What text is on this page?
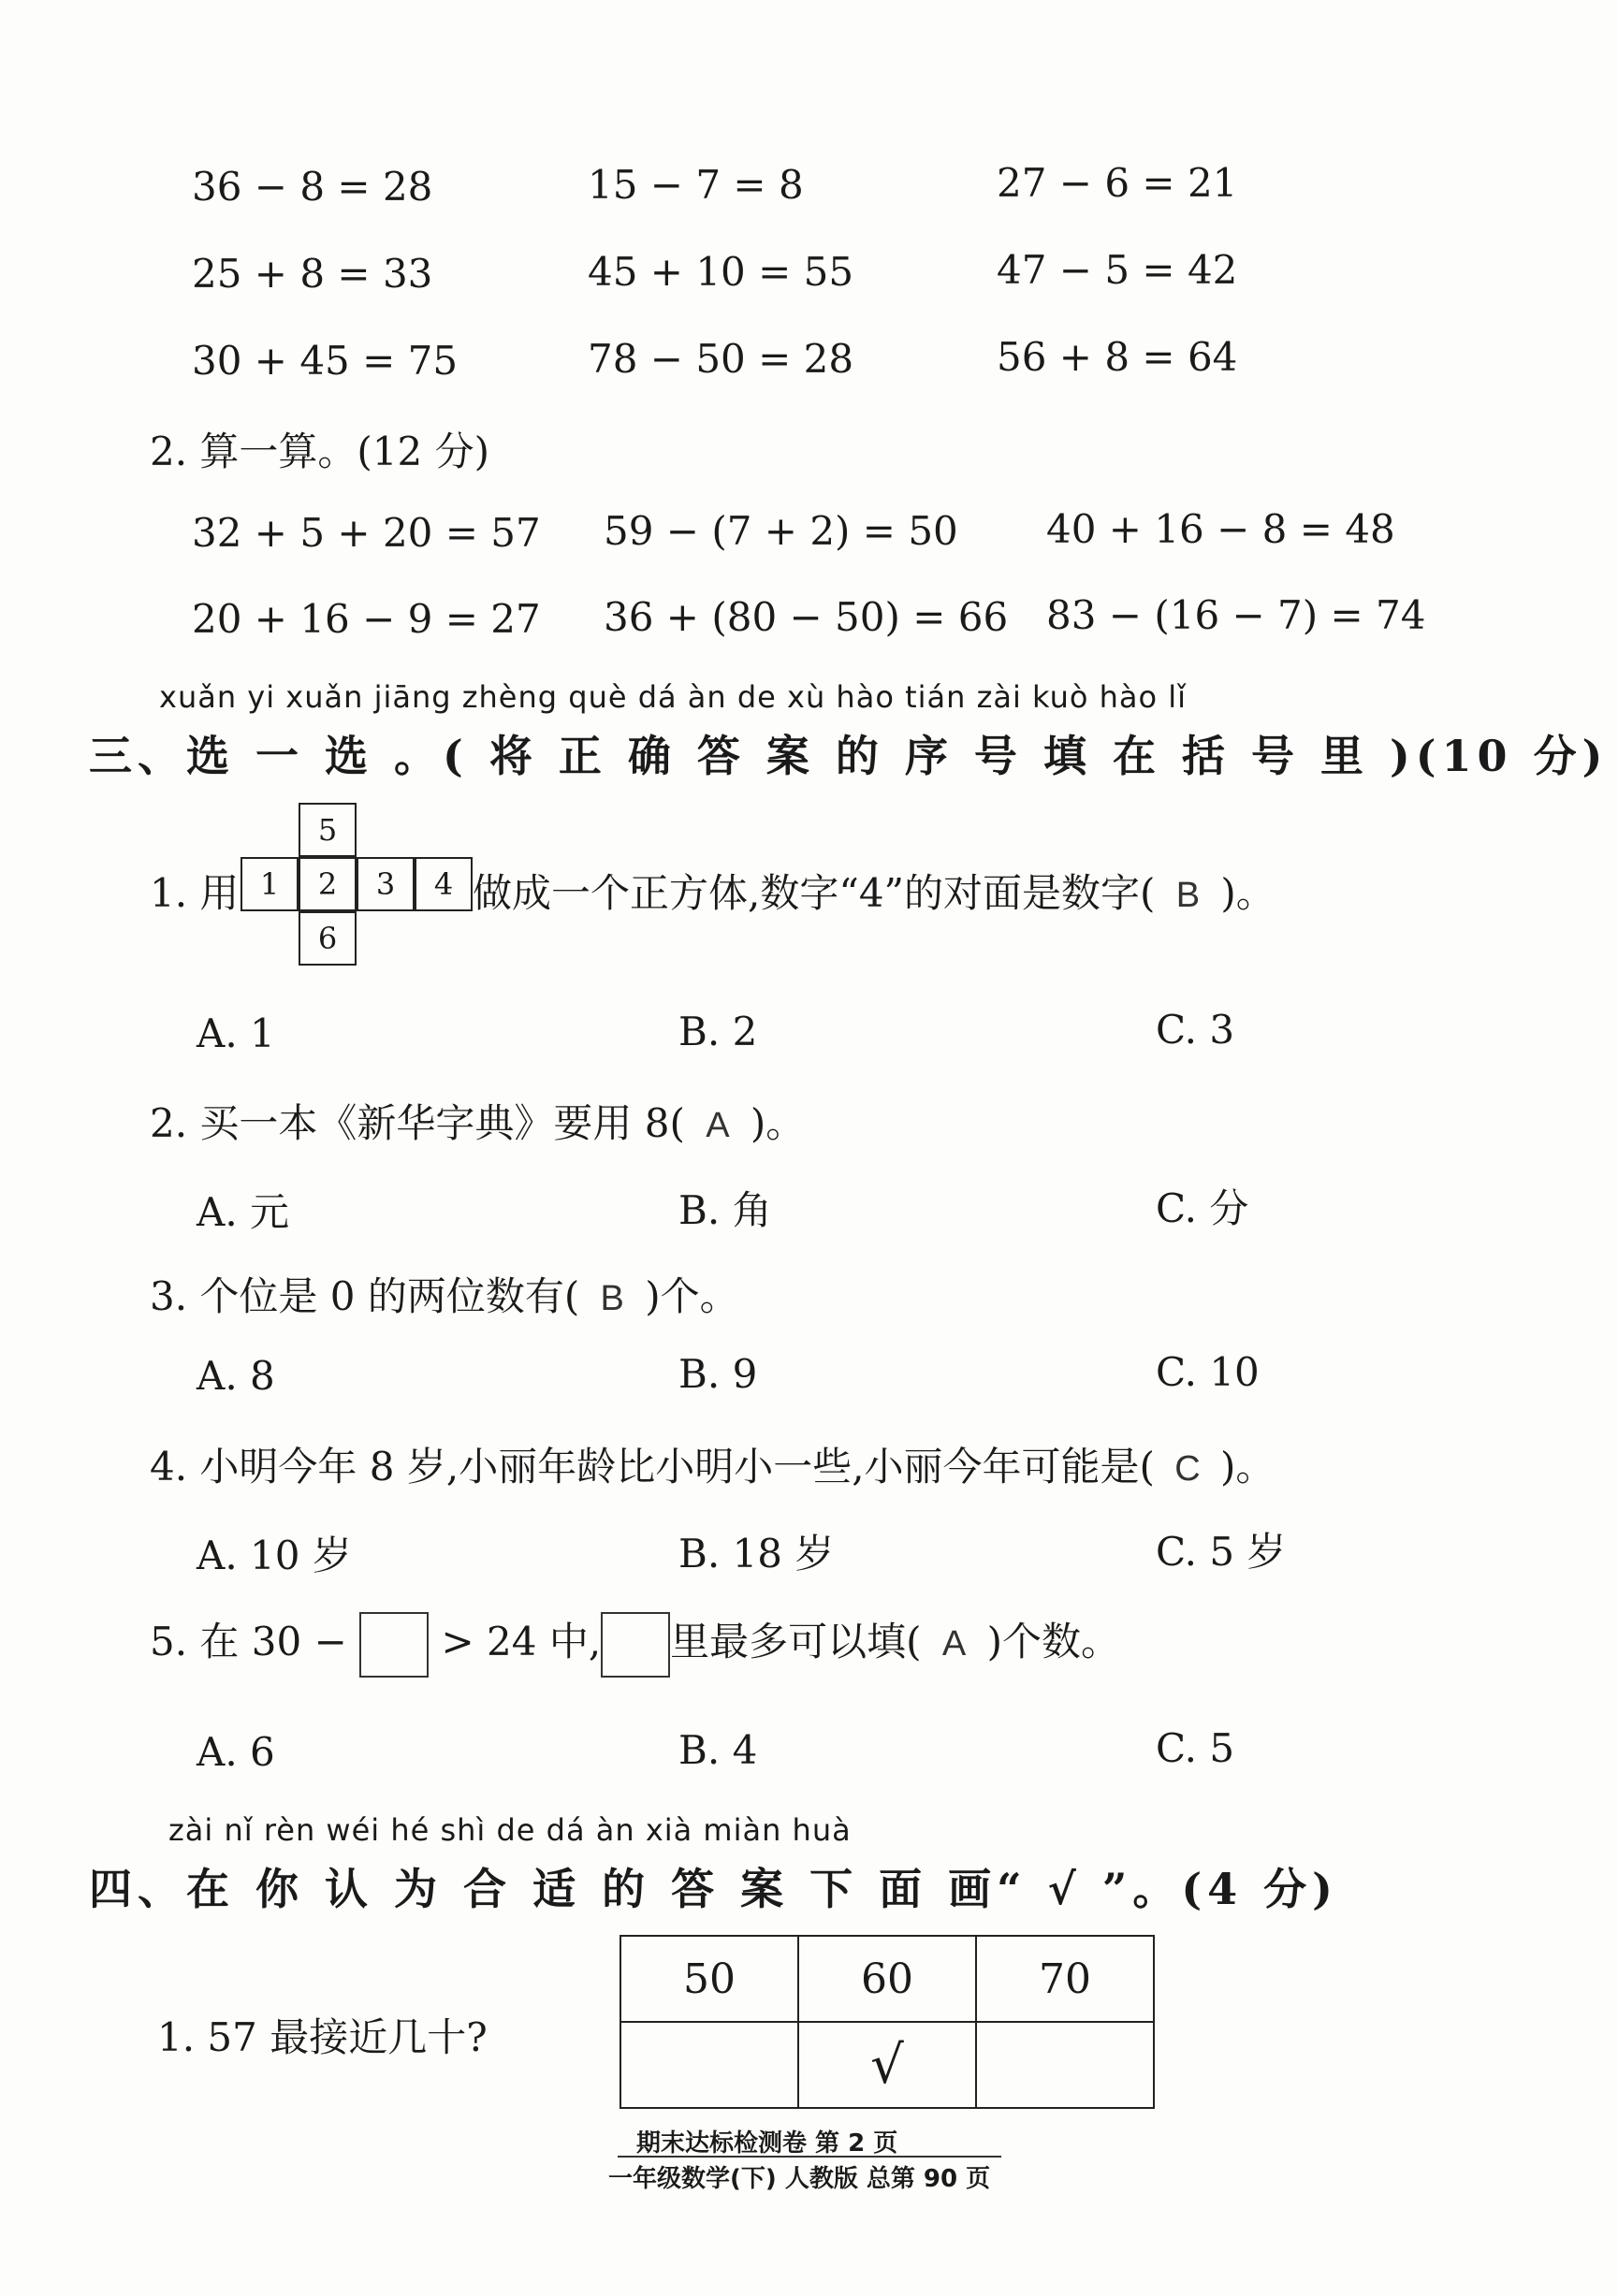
36 − 8 = 28	15 − 7 = 8	27 − 6 = 21
25 + 8 = 33	45 + 10 = 55	47 − 5 = 42
30 + 45 = 75	78 − 50 = 28	56 + 8 = 64
2. 算一算。(12 分)
32 + 5 + 20 = 57 59 − (7 + 2) = 50 40 + 16 − 8 = 48
20 + 16 − 9 = 27 36 + (80 − 50) = 66 83 − (16 − 7) = 74
xuǎn yi xuǎn jiāng zhèng què dá àn de xù hào tián zài kuò hào lǐ
三、选 一 选 。( 将 正 确 答 案 的 序 号 填 在 括 号 里 )(10 分)
1. 用
5
1	2	3	4
6
做成一个正方体,数字“4”的对面是数字( B )。
A. 1	B. 2	C. 3
2. 买一本《新华字典》要用 8( A )。
A. 元	B. 角	C. 分
3. 个位是 0 的两位数有( B )个。
A. 8	B. 9	C. 10
4. 小明今年 8 岁,小丽年龄比小明小一些,小丽今年可能是( C )。
A. 10 岁	B. 18 岁	C. 5 岁
5. 在 30 − > 24 中, 里最多可以填( A )个数。
A. 6	B. 4	C. 5
zài nǐ rèn wéi hé shì de dá àn xià miàn huà
四、在 你 认 为 合 适 的 答 案 下 面 画“ √ ”。(4 分)
1. 57 最接近几十?
50	60	70
	√	
期末达标检测卷 第 2 页
一年级数学(下) 人教版 总第 90 页
